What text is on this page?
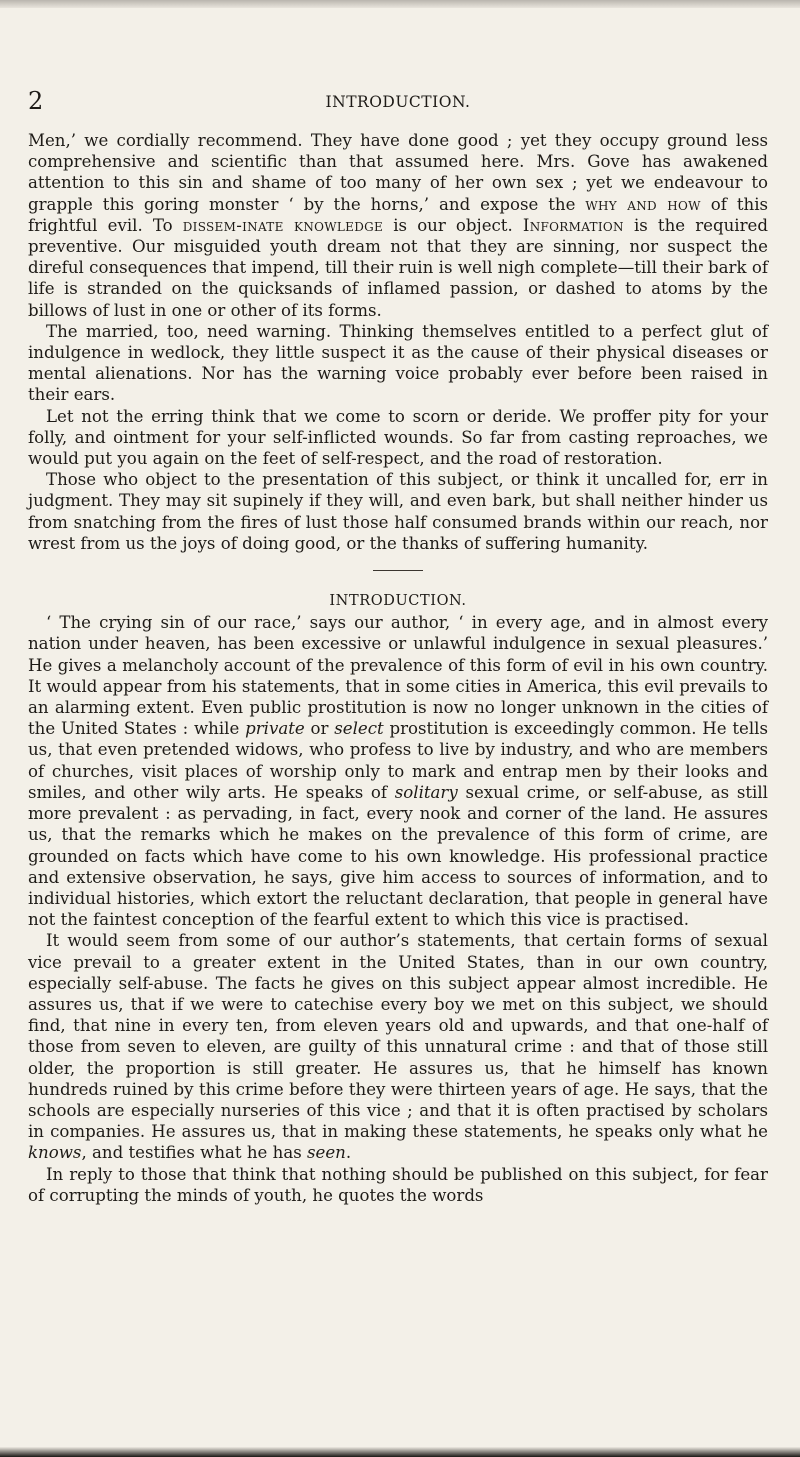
2	INTRODUCTION.

Men,’ we cordially recommend. They have done good ; yet they occupy ground less comprehensive and scientific than that assumed here. Mrs. Gove has awakened attention to this sin and shame of too many of her own sex ; yet we endeavour to grapple this goring monster ‘ by the horns,’ and expose the why and how of this frightful evil. To dissem-inate knowledge is our object. Information is the required preventive. Our misguided youth dream not that they are sinning, nor suspect the direful consequences that impend, till their ruin is well nigh complete—till their bark of life is stranded on the quicksands of inflamed passion, or dashed to atoms by the billows of lust in one or other of its forms.

The married, too, need warning. Thinking themselves entitled to a perfect glut of indulgence in wedlock, they little suspect it as the cause of their physical diseases or mental alienations. Nor has the warning voice probably ever before been raised in their ears.

Let not the erring think that we come to scorn or deride. We proffer pity for your folly, and ointment for your self-inflicted wounds. So far from casting reproaches, we would put you again on the feet of self-respect, and the road of restoration.

Those who object to the presentation of this subject, or think it uncalled for, err in judgment. They may sit supinely if they will, and even bark, but shall neither hinder us from snatching from the fires of lust those half consumed brands within our reach, nor wrest from us the joys of doing good, or the thanks of suffering humanity.

INTRODUCTION.

‘ The crying sin of our race,’ says our author, ‘ in every age, and in almost every nation under heaven, has been excessive or unlawful indulgence in sexual pleasures.’ He gives a melancholy account of the prevalence of this form of evil in his own country. It would appear from his statements, that in some cities in America, this evil prevails to an alarming extent. Even public prostitution is now no longer unknown in the cities of the United States : while private or select prostitution is exceedingly common. He tells us, that even pretended widows, who profess to live by industry, and who are members of churches, visit places of worship only to mark and entrap men by their looks and smiles, and other wily arts. He speaks of solitary sexual crime, or self-abuse, as still more prevalent : as pervading, in fact, every nook and corner of the land. He assures us, that the remarks which he makes on the prevalence of this form of crime, are grounded on facts which have come to his own knowledge. His professional practice and extensive observation, he says, give him access to sources of information, and to individual histories, which extort the reluctant declaration, that people in general have not the faintest conception of the fearful extent to which this vice is practised.

It would seem from some of our author’s statements, that certain forms of sexual vice prevail to a greater extent in the United States, than in our own country, especially self-abuse. The facts he gives on this subject appear almost incredible. He assures us, that if we were to catechise every boy we met on this subject, we should find, that nine in every ten, from eleven years old and upwards, and that one-half of those from seven to eleven, are guilty of this unnatural crime : and that of those still older, the proportion is still greater. He assures us, that he himself has known hundreds ruined by this crime before they were thirteen years of age. He says, that the schools are especially nurseries of this vice ; and that it is often practised by scholars in companies. He assures us, that in making these statements, he speaks only what he knows, and testifies what he has seen.

In reply to those that think that nothing should be published on this subject, for fear of corrupting the minds of youth, he quotes the words
